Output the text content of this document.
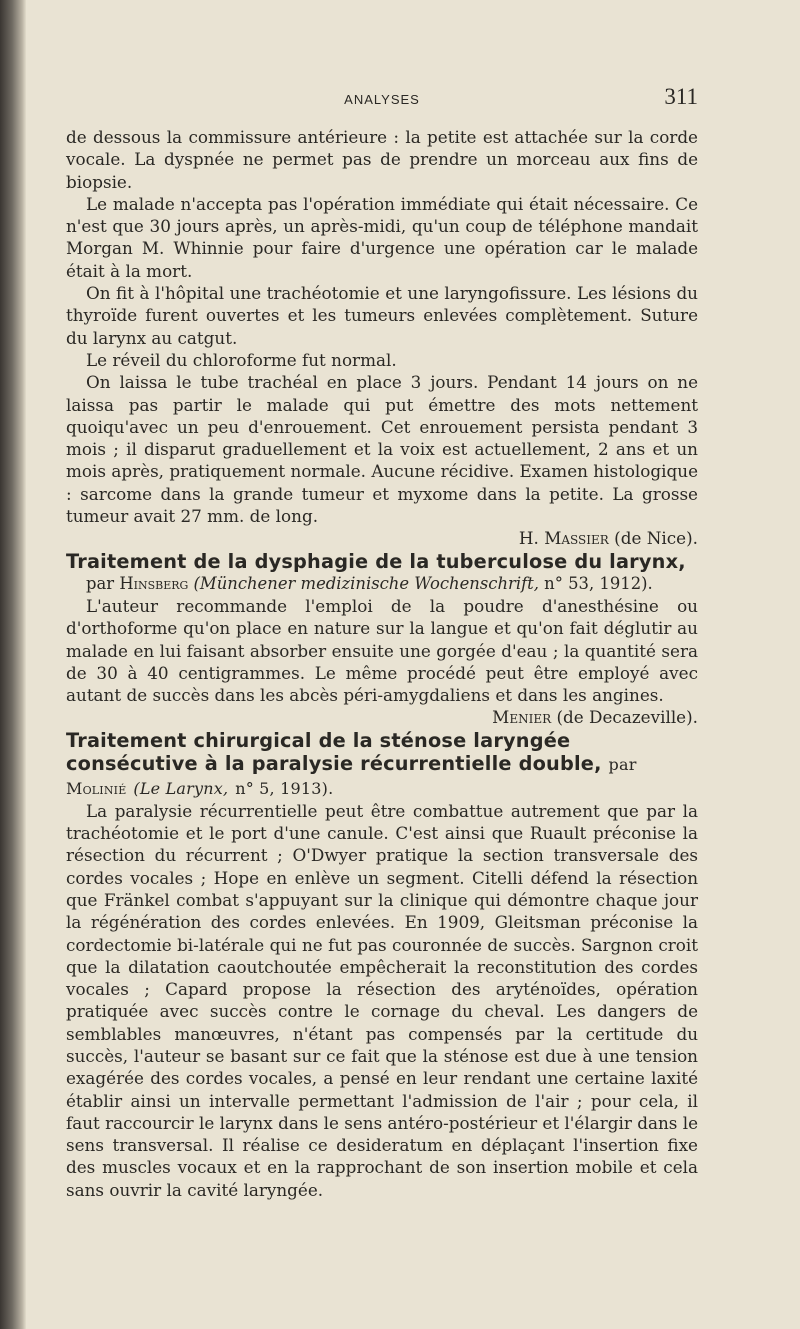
ANALYSES	311

de dessous la commissure antérieure : la petite est attachée sur la corde vocale. La dyspnée ne permet pas de prendre un morceau aux fins de biopsie.

Le malade n'accepta pas l'opération immédiate qui était nécessaire. Ce n'est que 30 jours après, un après-midi, qu'un coup de téléphone mandait Morgan M. Whinnie pour faire d'urgence une opération car le malade était à la mort.

On fit à l'hôpital une trachéotomie et une laryngofissure. Les lésions du thyroïde furent ouvertes et les tumeurs enlevées complètement. Suture du larynx au catgut.

Le réveil du chloroforme fut normal.

On laissa le tube trachéal en place 3 jours. Pendant 14 jours on ne laissa pas partir le malade qui put émettre des mots nettement quoiqu'avec un peu d'enrouement. Cet enrouement persista pendant 3 mois ; il disparut graduellement et la voix est actuellement, 2 ans et un mois après, pratiquement normale. Aucune récidive. Examen histologique : sarcome dans la grande tumeur et myxome dans la petite. La grosse tumeur avait 27 mm. de long.

H. Massier (de Nice).

Traitement de la dysphagie de la tuberculose du larynx,
par Hinsberg (Münchener medizinische Wochenschrift, n° 53, 1912).

L'auteur recommande l'emploi de la poudre d'anesthésine ou d'orthoforme qu'on place en nature sur la langue et qu'on fait déglutir au malade en lui faisant absorber ensuite une gorgée d'eau ; la quantité sera de 30 à 40 centigrammes. Le même procédé peut être employé avec autant de succès dans les abcès péri-amygdaliens et dans les angines.

Menier (de Decazeville).

Traitement chirurgical de la sténose laryngée consécutive à la paralysie récurrentielle double, par Molinié (Le Larynx, n° 5, 1913).

La paralysie récurrentielle peut être combattue autrement que par la trachéotomie et le port d'une canule. C'est ainsi que Ruault préconise la résection du récurrent ; O'Dwyer pratique la section transversale des cordes vocales ; Hope en enlève un segment. Citelli défend la résection que Fränkel combat s'appuyant sur la clinique qui démontre chaque jour la régénération des cordes enlevées. En 1909, Gleitsman préconise la cordectomie bi-latérale qui ne fut pas couronnée de succès. Sargnon croit que la dilatation caoutchoutée empêcherait la reconstitution des cordes vocales ; Capard propose la résection des aryténoïdes, opération pratiquée avec succès contre le cornage du cheval. Les dangers de semblables manœuvres, n'étant pas compensés par la certitude du succès, l'auteur se basant sur ce fait que la sténose est due à une tension exagérée des cordes vocales, a pensé en leur rendant une certaine laxité établir ainsi un intervalle permettant l'admission de l'air ; pour cela, il faut raccourcir le larynx dans le sens antéro-postérieur et l'élargir dans le sens transversal. Il réalise ce desideratum en déplaçant l'insertion fixe des muscles vocaux et en la rapprochant de son insertion mobile et cela sans ouvrir la cavité laryngée.
